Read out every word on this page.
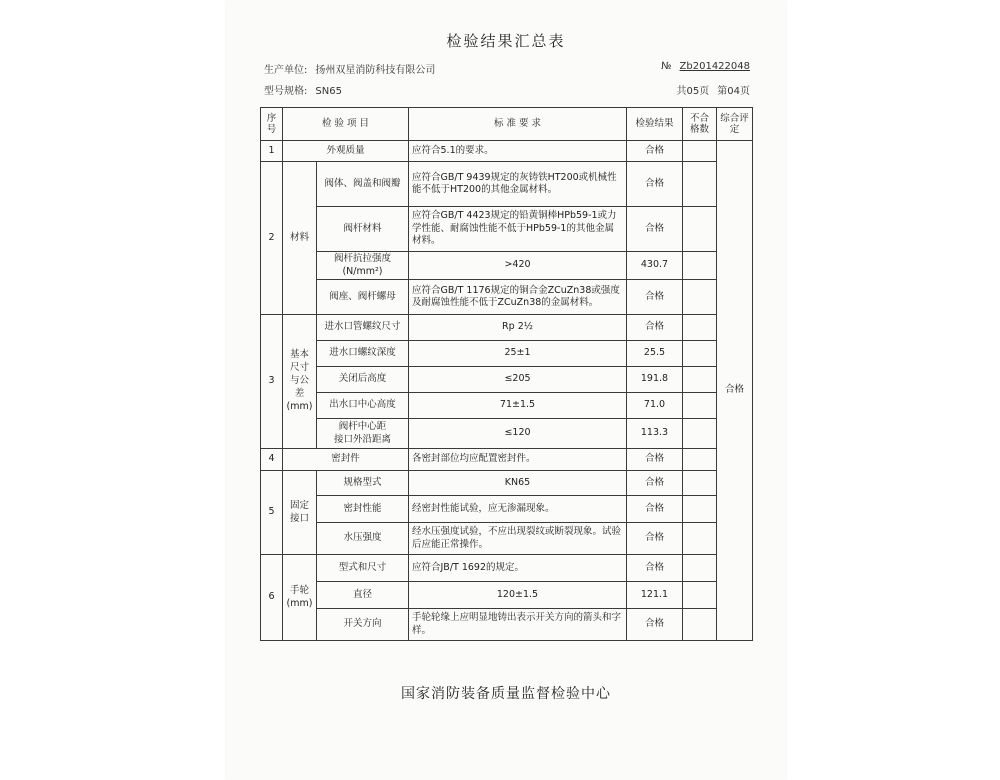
检验结果汇总表
生产单位: 扬州双星消防科技有限公司
型号规格: SN65
№ Zb201422048
共05页 第04页
序号	检 验 项 目		标 准 要 求	检验结果	不合格数	综合评定
1	外观质量		应符合5.1的要求。	合格		合格
2	材料	阀体、阀盖和阀瓣	应符合GB/T 9439规定的灰铸铁HT200或机械性能不低于HT200的其他金属材料。	合格		
		阀杆材料	应符合GB/T 4423规定的铅黄铜棒HPb59-1或力学性能、耐腐蚀性能不低于HPb59-1的其他金属材料。	合格		

		阀杆抗拉强度
(N/mm²)	>420	430.7		
		阀座、阀杆螺母	应符合GB/T 1176规定的铜合金ZCuZn38或强度及耐腐蚀性能不低于ZCuZn38的金属材料。	合格		
3	基本尺寸与公差(mm)	进水口管螺纹尺寸	Rp 2½	合格		
		进水口螺纹深度	25±1	25.5		
		关闭后高度	≤205	191.8		
		出水口中心高度	71±1.5	71.0		

		阀杆中心距
接口外沿距离	≤120	113.3		
4	密封件		各密封部位均应配置密封件。	合格		
5	固定接口	规格型式	KN65	合格		
		密封性能	经密封性能试验，应无渗漏现象。	合格		
		水压强度	经水压强度试验，不应出现裂纹或断裂现象。试验后应能正常操作。	合格		
6	手轮(mm)	型式和尺寸	应符合JB/T 1692的规定。	合格		
		直径	120±1.5	121.1		
		开关方向	手轮轮缘上应明显地铸出表示开关方向的箭头和字样。	合格		
国家消防装备质量监督检验中心
